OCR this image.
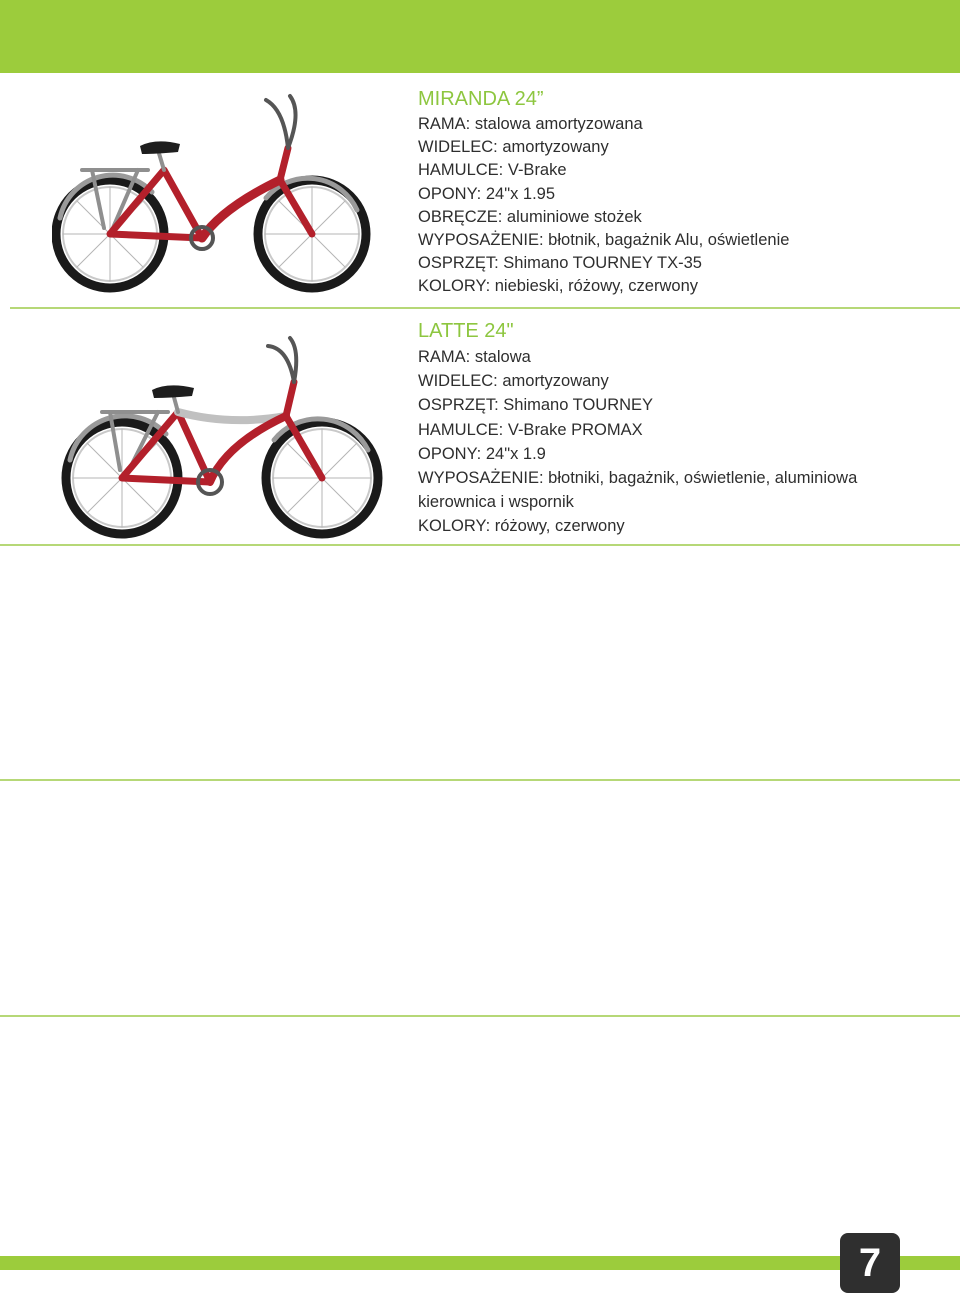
MIRANDA 24”
RAMA: stalowa amortyzowana
WIDELEC: amortyzowany
HAMULCE: V-Brake
OPONY: 24"x 1.95
OBRĘCZE: aluminiowe stożek
WYPOSAŻENIE: błotnik, bagażnik Alu, oświetlenie
OSPRZĘT: Shimano TOURNEY TX-35
KOLORY: niebieski, różowy, czerwony
LATTE 24"
RAMA: stalowa
WIDELEC: amortyzowany
OSPRZĘT: Shimano TOURNEY
HAMULCE: V-Brake PROMAX
OPONY: 24"x 1.9
WYPOSAŻENIE: błotniki, bagażnik, oświetlenie, aluminiowa
kierownica i wspornik
KOLORY: różowy, czerwony
7
